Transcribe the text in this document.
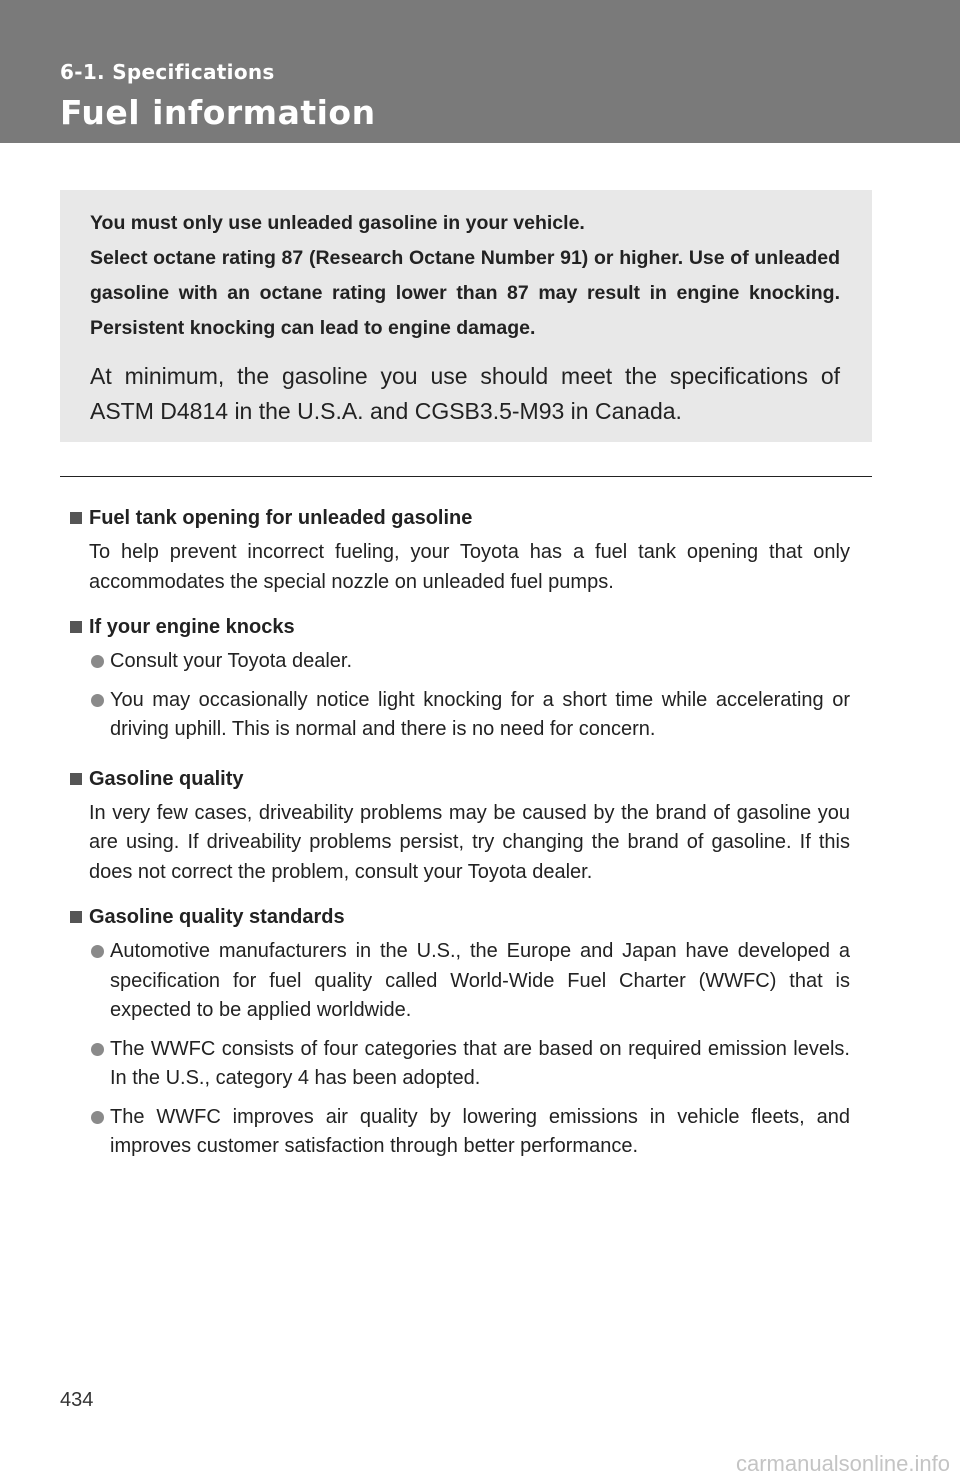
6-1. Specifications
Fuel information

You must only use unleaded gasoline in your vehicle.

Select octane rating 87 (Research Octane Number 91) or higher. Use of unleaded gasoline with an octane rating lower than 87 may result in engine knocking. Persistent knocking can lead to engine damage.

At minimum, the gasoline you use should meet the specifications of ASTM D4814 in the U.S.A. and CGSB3.5-M93 in Canada.

Fuel tank opening for unleaded gasoline

To help prevent incorrect fueling, your Toyota has a fuel tank opening that only accommodates the special nozzle on unleaded fuel pumps.

If your engine knocks
Consult your Toyota dealer.
You may occasionally notice light knocking for a short time while accelerating or driving uphill. This is normal and there is no need for concern.
Gasoline quality

In very few cases, driveability problems may be caused by the brand of gasoline you are using. If driveability problems persist, try changing the brand of gasoline. If this does not correct the problem, consult your Toyota dealer.

Gasoline quality standards
Automotive manufacturers in the U.S., the Europe and Japan have developed a specification for fuel quality called World-Wide Fuel Charter (WWFC) that is expected to be applied worldwide.
The WWFC consists of four categories that are based on required emission levels. In the U.S., category 4 has been adopted.
The WWFC improves air quality by lowering emissions in vehicle fleets, and improves customer satisfaction through better performance.
434
carmanualsonline.info
